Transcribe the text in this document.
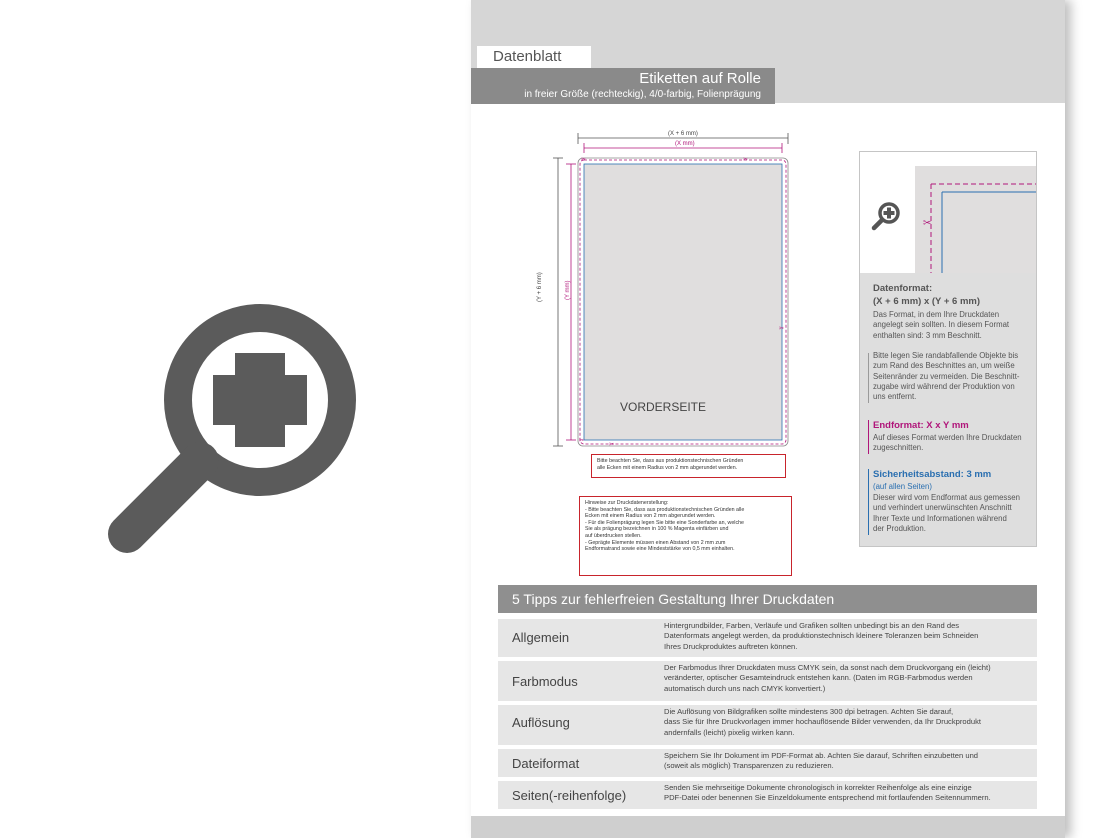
Datenblatt
Etiketten auf Rolle
in freier Größe (rechteckig), 4/0-farbig, Folienprägung
✂
✂
✂
✂
✂
(X + 6 mm)
(X mm)
(Y + 6 mm)	(Y mm)
VORDERSEITE

Bitte beachten Sie, dass aus produktionstechnischen Gründen

alle Ecken mit einem Radius von 2 mm abgerundet werden.

Hinweise zur Druckdatenerstellung:

- Bitte beachten Sie, dass aus produktionstechnischen Gründen alle

Ecken mit einem Radius von 2 mm abgerundet werden.

- Für die Folienprägung legen Sie bitte eine Sonderfarbe an, welche

Sie als prägung bezeichnen in 100 % Magenta einfärben und

auf überdrucken stellen.

- Geprägte Elemente müssen einen Abstand von 2 mm zum

Endformatrand sowie eine Mindeststärke von 0,5 mm einhalten.

✂
Datenformat:
(X + 6 mm) x (Y + 6 mm)
Das Format, in dem Ihre Druckdaten
angelegt sein sollten. In diesem Format
enthalten sind: 3 mm Beschnitt.
Bitte legen Sie randabfallende Objekte bis
zum Rand des Beschnittes an, um weiße
Seitenränder zu vermeiden. Die Beschnitt-
zugabe wird während der Produktion von
uns entfernt.
Endformat: X x Y mm
Auf dieses Format werden Ihre Druckdaten
zugeschnitten.
Sicherheitsabstand: 3 mm
(auf allen Seiten)
Dieser wird vom Endformat aus gemessen
und verhindert unerwünschten Anschnitt
Ihrer Texte und Informationen während
der Produktion.
5 Tipps zur fehlerfreien Gestaltung Ihrer Druckdaten
Allgemein
Hintergrundbilder, Farben, Verläufe und Grafiken sollten unbedingt bis an den Rand des
Datenformats angelegt werden, da produktionstechnisch kleinere Toleranzen beim Schneiden
Ihres Druckproduktes auftreten können.
Farbmodus
Der Farbmodus Ihrer Druckdaten muss CMYK sein, da sonst nach dem Druckvorgang ein (leicht)
veränderter, optischer Gesamteindruck entstehen kann. (Daten im RGB-Farbmodus werden
automatisch durch uns nach CMYK konvertiert.)
Auflösung
Die Auflösung von Bildgrafiken sollte mindestens 300 dpi betragen. Achten Sie darauf,
dass Sie für Ihre Druckvorlagen immer hochauflösende Bilder verwenden, da Ihr Druckprodukt
andernfalls (leicht) pixelig wirken kann.
Dateiformat
Speichern Sie Ihr Dokument im PDF-Format ab. Achten Sie darauf, Schriften einzubetten und
(soweit als möglich) Transparenzen zu reduzieren.
Seiten(-reihenfolge)
Senden Sie mehrseitige Dokumente chronologisch in korrekter Reihenfolge als eine einzige
PDF-Datei oder benennen Sie Einzeldokumente entsprechend mit fortlaufenden Seitennummern.
